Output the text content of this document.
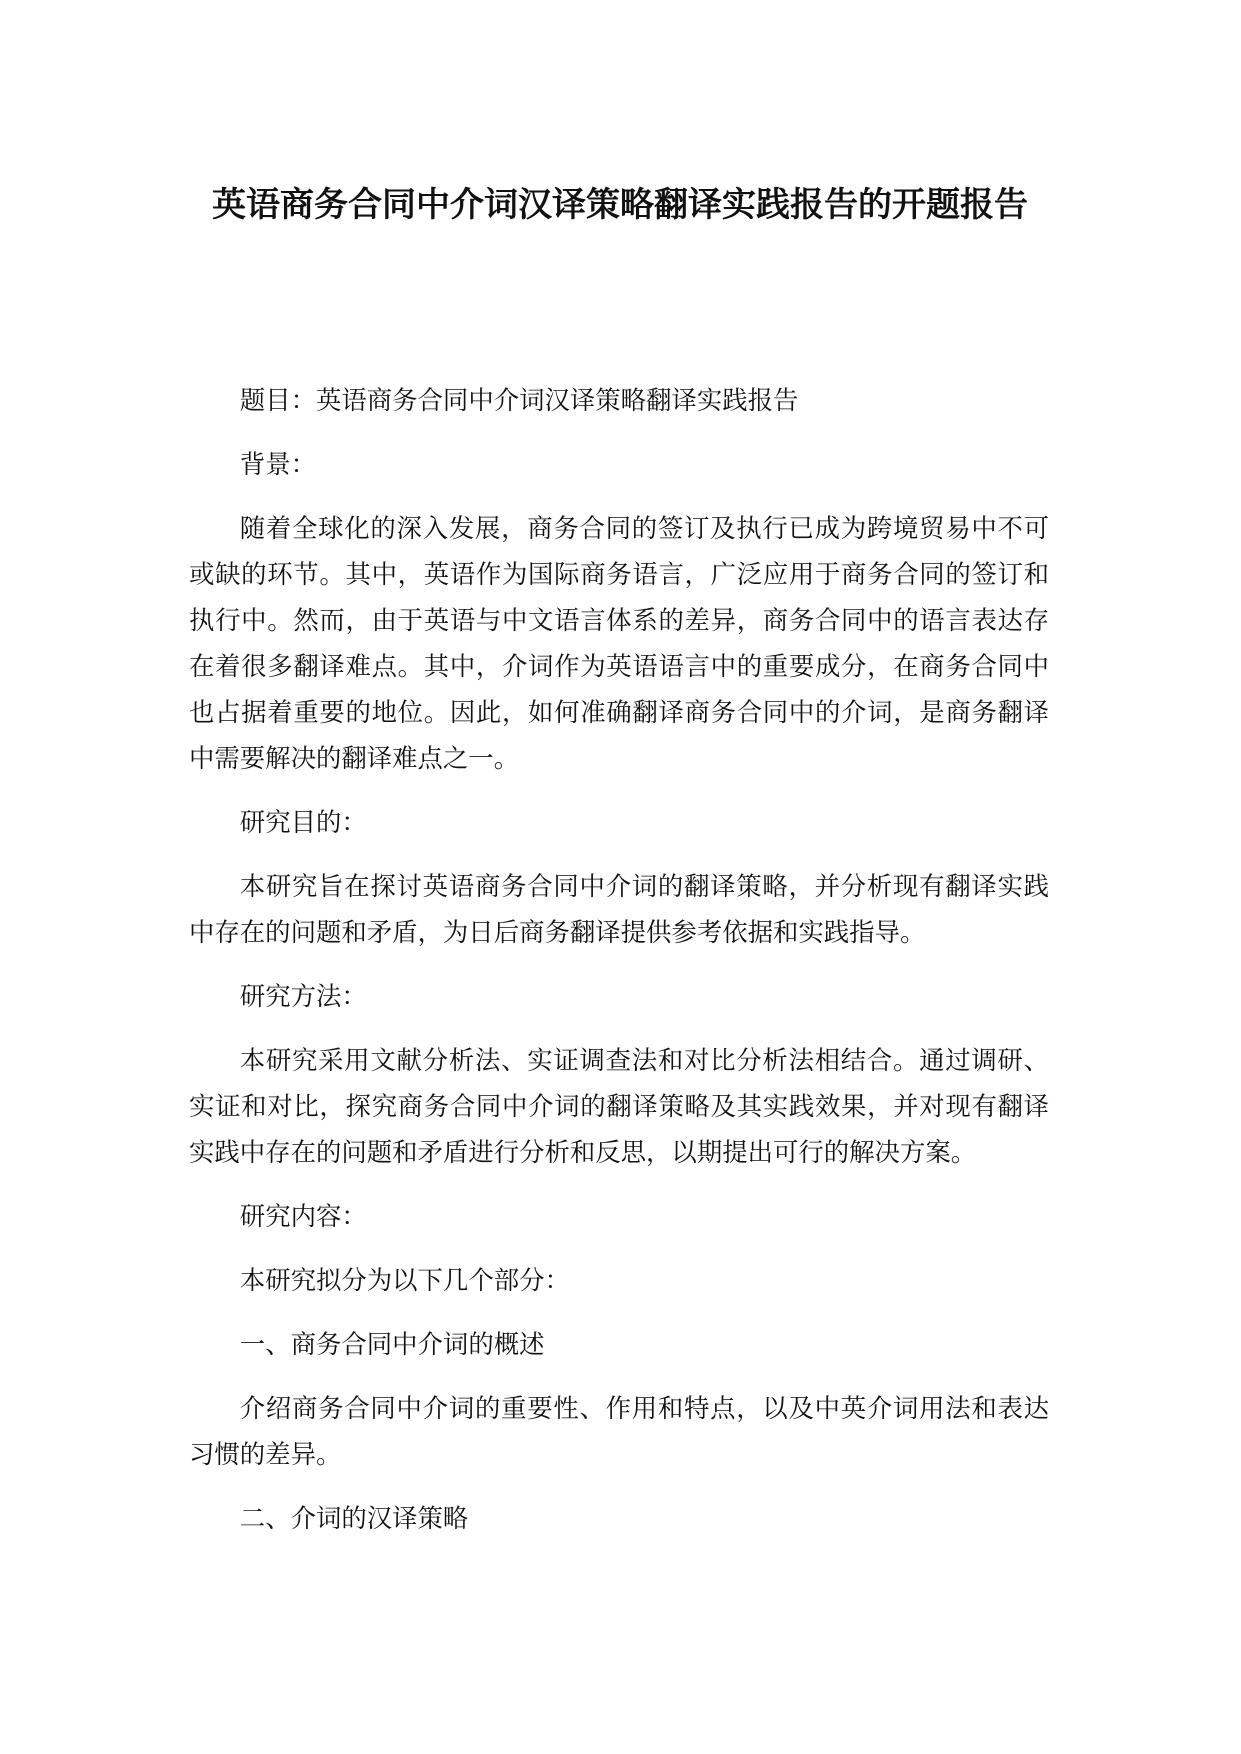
英语商务合同中介词汉译策略翻译实践报告的开题报告

题目：英语商务合同中介词汉译策略翻译实践报告

背景：

随着全球化的深入发展，商务合同的签订及执行已成为跨境贸易中不可或缺的环节。其中，英语作为国际商务语言，广泛应用于商务合同的签订和执行中。然而，由于英语与中文语言体系的差异，商务合同中的语言表达存在着很多翻译难点。其中，介词作为英语语言中的重要成分，在商务合同中也占据着重要的地位。因此，如何准确翻译商务合同中的介词，是商务翻译中需要解决的翻译难点之一。

研究目的：

本研究旨在探讨英语商务合同中介词的翻译策略，并分析现有翻译实践中存在的问题和矛盾，为日后商务翻译提供参考依据和实践指导。

研究方法：

本研究采用文献分析法、实证调查法和对比分析法相结合。通过调研、实证和对比，探究商务合同中介词的翻译策略及其实践效果，并对现有翻译实践中存在的问题和矛盾进行分析和反思，以期提出可行的解决方案。

研究内容：

本研究拟分为以下几个部分：

一、商务合同中介词的概述

介绍商务合同中介词的重要性、作用和特点，以及中英介词用法和表达习惯的差异。

二、介词的汉译策略
